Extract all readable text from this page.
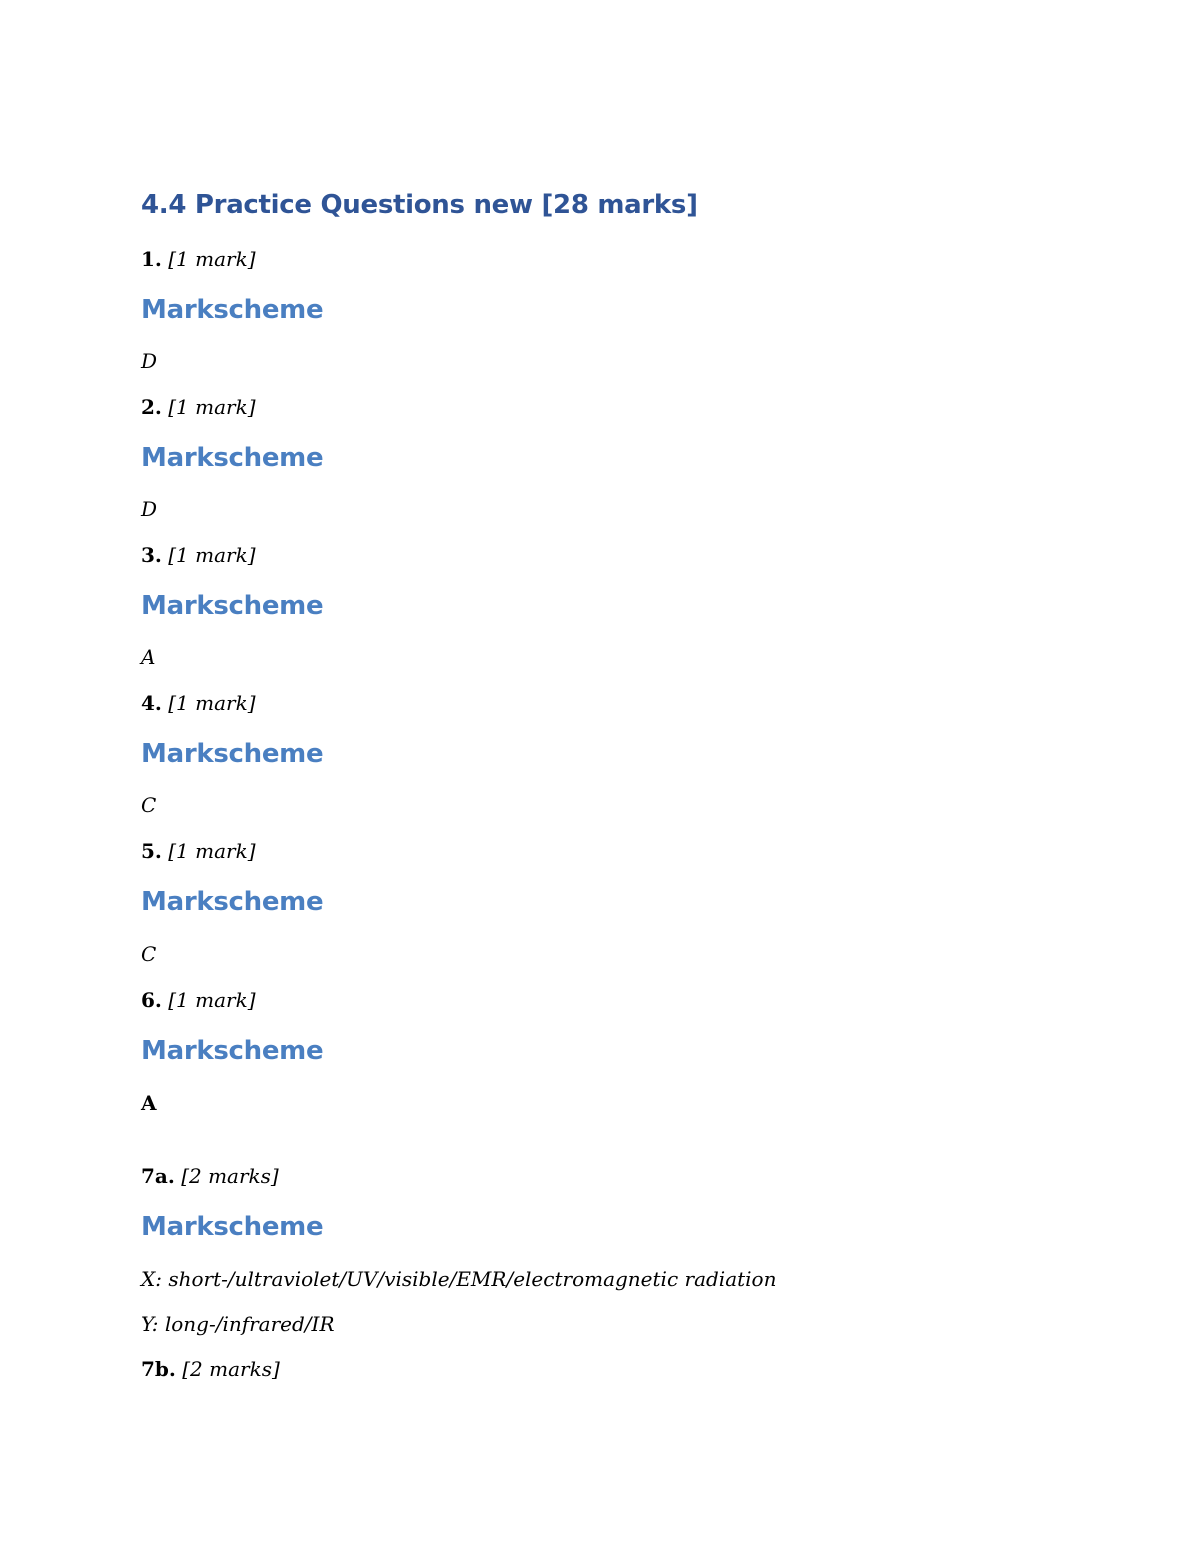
4.4 Practice Questions new [28 marks]
1. [1 mark]
Markscheme
D
2. [1 mark]
Markscheme
D
3. [1 mark]
Markscheme
A
4. [1 mark]
Markscheme
C
5. [1 mark]
Markscheme
C
6. [1 mark]
Markscheme
A
7a. [2 marks]
Markscheme
X: short-/ultraviolet/UV/visible/EMR/electromagnetic radiation
Y: long-/infrared/IR
7b. [2 marks]
